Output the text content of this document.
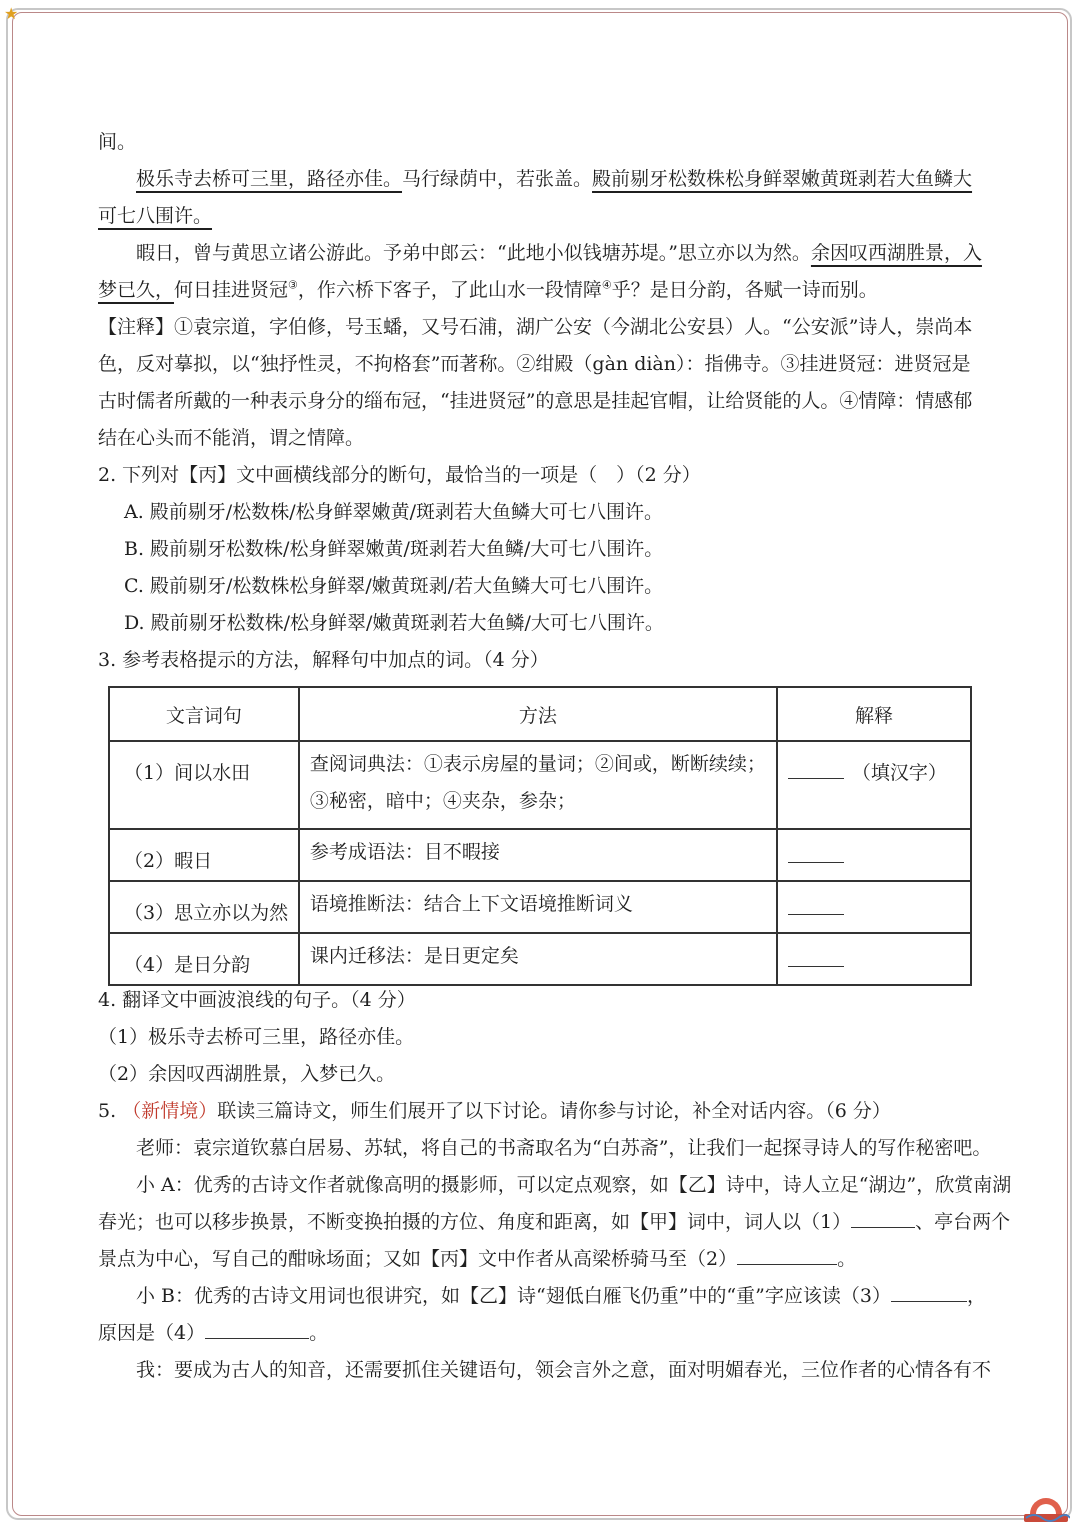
★

间。

极乐寺去桥可三里，路径亦佳。马行绿荫中，若张盖。殿前剔牙松数株松身鲜翠嫩黄斑剥若大鱼鳞大可七八围许。

暇日，曾与黄思立诸公游此。予弟中郎云：“此地小似钱塘苏堤。”思立亦以为然。余因叹西湖胜景，入梦已久，何日挂进贤冠③，作六桥下客子，了此山水一段情障④乎？是日分韵，各赋一诗而别。

【注释】①袁宗道，字伯修，号玉蟠，又号石浦，湖广公安（今湖北公安县）人。“公安派”诗人，崇尚本色，反对摹拟，以“独抒性灵，不拘格套”而著称。②绀殿（gàn diàn）：指佛寺。③挂进贤冠：进贤冠是古时儒者所戴的一种表示身分的缁布冠，“挂进贤冠”的意思是挂起官帽，让给贤能的人。④情障：情感郁结在心头而不能消，谓之情障。

2. 下列对【丙】文中画横线部分的断句，最恰当的一项是（　）（2 分）

A. 殿前剔牙/松数株/松身鲜翠嫩黄/斑剥若大鱼鳞大可七八围许。

B. 殿前剔牙松数株/松身鲜翠嫩黄/斑剥若大鱼鳞/大可七八围许。

C. 殿前剔牙/松数株松身鲜翠/嫩黄斑剥/若大鱼鳞大可七八围许。

D. 殿前剔牙松数株/松身鲜翠/嫩黄斑剥若大鱼鳞/大可七八围许。

3. 参考表格提示的方法，解释句中加点的词。（4 分）

文言词句	方法	解释
（1）间以水田	查阅词典法：①表示房屋的量词；②间或，断断续续；③秘密，暗中；④夹杂，参杂；	（填汉字）
（2）暇日	参考成语法：目不暇接	
（3）思立亦以为然	语境推断法：结合上下文语境推断词义	
（4）是日分韵	课内迁移法：是日更定矣	

4. 翻译文中画波浪线的句子。（4 分）

（1）极乐寺去桥可三里，路径亦佳。

（2）余因叹西湖胜景，入梦已久。

5. （新情境）联读三篇诗文，师生们展开了以下讨论。请你参与讨论，补全对话内容。（6 分）

老师：袁宗道钦慕白居易、苏轼，将自己的书斋取名为“白苏斋”，让我们一起探寻诗人的写作秘密吧。

小 A：优秀的古诗文作者就像高明的摄影师，可以定点观察，如【乙】诗中，诗人立足“湖边”，欣赏南湖春光；也可以移步换景，不断变换拍摄的方位、角度和距离，如【甲】词中，词人以（1）	、亭台两个景点为中心，写自己的酣咏场面；又如【丙】文中作者从高梁桥骑马至（2）	。

小 B：优秀的古诗文用词也很讲究，如【乙】诗“翅低白雁飞仍重”中的“重”字应该读（3）	，

原因是（4）	。

我：要成为古人的知音，还需要抓住关键语句，领会言外之意，面对明媚春光，三位作者的心情各有不
